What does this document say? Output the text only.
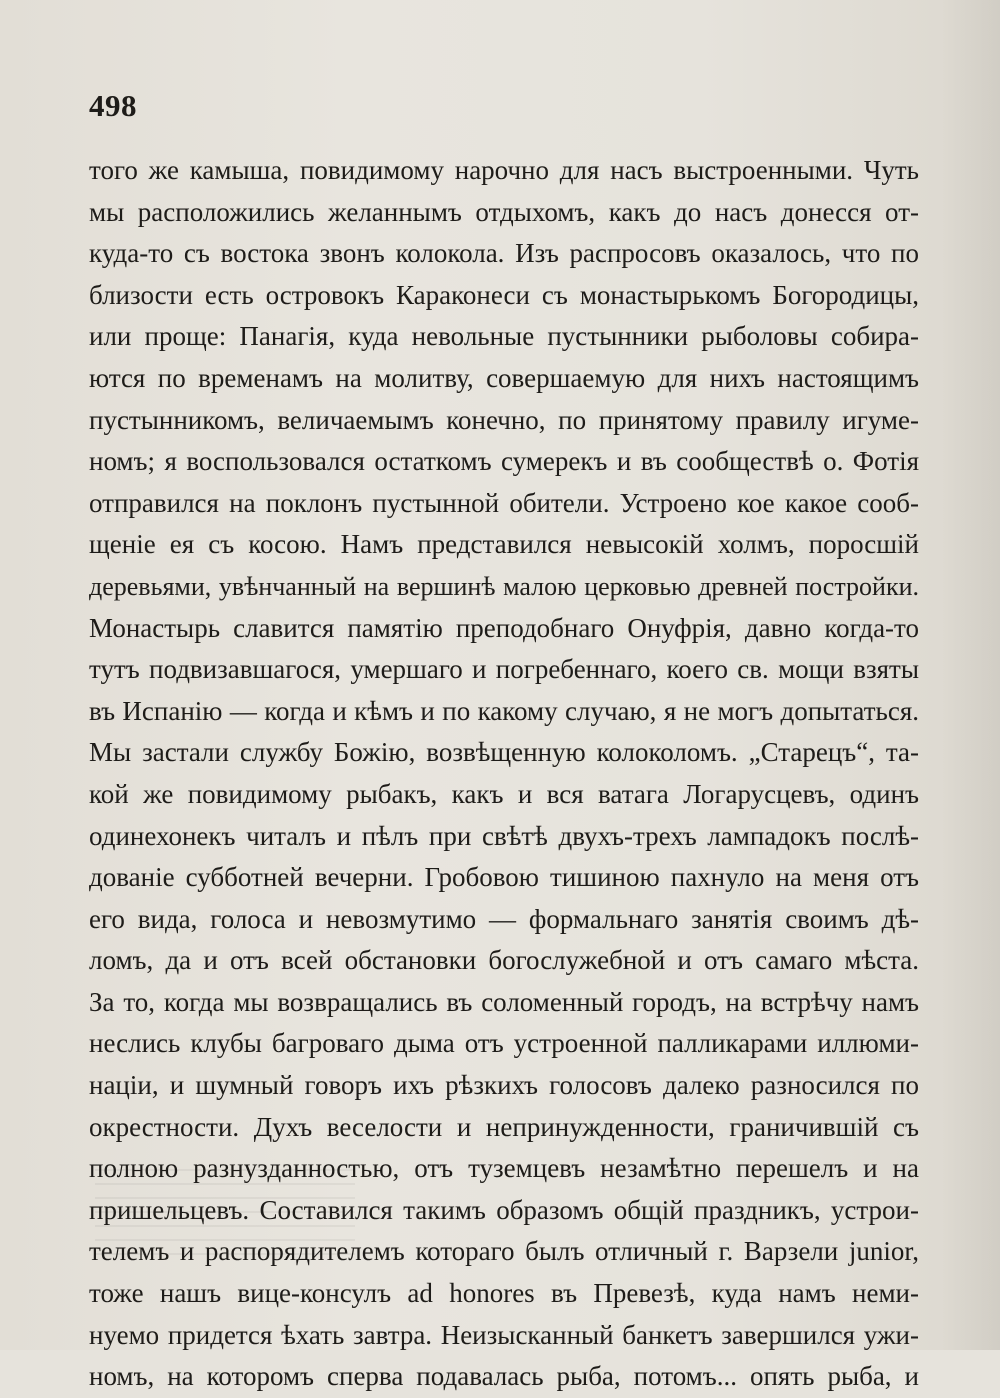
498
того же камыша, повидимому нарочно для насъ выстроенными. Чуть
мы расположились желаннымъ отдыхомъ, какъ до насъ донесся от-
куда-то съ востока звонъ колокола. Изъ распросовъ оказалось, что по
близости есть островокъ Караконеси съ монастырькомъ Богородицы,
или проще: Панагія, куда невольные пустынники рыболовы собира-
ются по временамъ на молитву, совершаемую для нихъ настоящимъ
пустынникомъ, величаемымъ конечно, по принятому правилу игуме-
номъ; я воспользовался остаткомъ сумерекъ и въ сообществѣ о. Фотія
отправился на поклонъ пустынной обители. Устроено кое какое сооб-
щеніе ея съ косою. Намъ представился невысокій холмъ, поросшій
деревьями, увѣнчанный на вершинѣ малою церковью древней постройки.
Монастырь славится памятію преподобнаго Онуфрія, давно когда-то
тутъ подвизавшагося, умершаго и погребеннаго, коего св. мощи взяты
въ Испанію — когда и кѣмъ и по какому случаю, я не могъ допытаться.
Мы застали службу Божію, возвѣщенную колоколомъ. „Старецъ“, та-
кой же повидимому рыбакъ, какъ и вся ватага Логарусцевъ, одинъ
одинехонекъ читалъ и пѣлъ при свѣтѣ двухъ-трехъ лампадокъ послѣ-
дованіе субботней вечерни. Гробовою тишиною пахнуло на меня отъ
его вида, голоса и невозмутимо — формальнаго занятія своимъ дѣ-
ломъ, да и отъ всей обстановки богослужебной и отъ самаго мѣста.
За то, когда мы возвращались въ соломенный городъ, на встрѣчу намъ
неслись клубы багроваго дыма отъ устроенной палликарами иллюми-
націи, и шумный говоръ ихъ рѣзкихъ голосовъ далеко разносился по
окрестности. Духъ веселости и непринужденности, граничившій съ
полною разнузданностью, отъ туземцевъ незамѣтно перешелъ и на
пришельцевъ. Составился такимъ образомъ общій праздникъ, устрои-
телемъ и распорядителемъ котораго былъ отличный г. Варзели junior,
тоже нашъ вице-консулъ ad honores въ Превезѣ, куда намъ неми-
нуемо придется ѣхать завтра. Неизысканный банкетъ завершился ужи-
номъ, на которомъ сперва подавалась рыба, потомъ... опять рыба, и
